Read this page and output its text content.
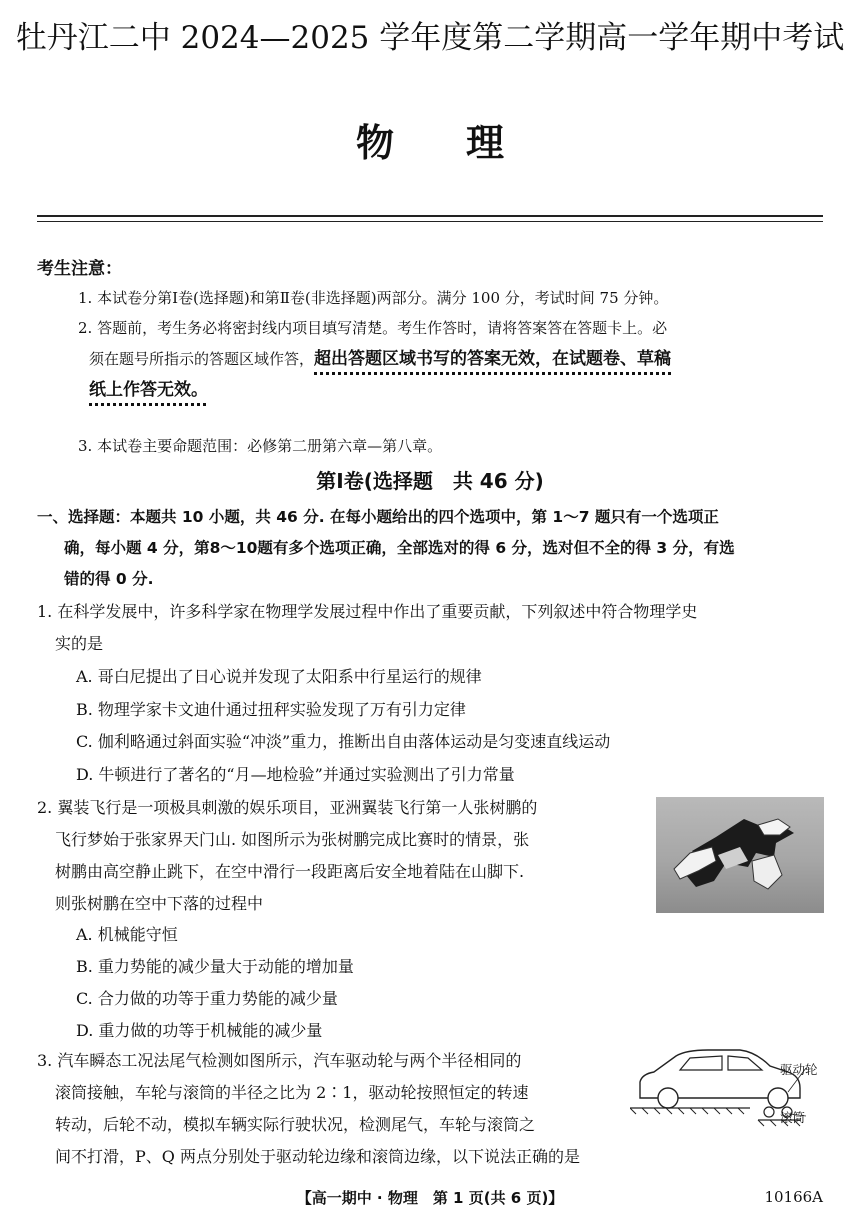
牡丹江二中 2024—2025 学年度第二学期高一学年期中考试
物理
考生注意：
1. 本试卷分第Ⅰ卷(选择题)和第Ⅱ卷(非选择题)两部分。满分 100 分，考试时间 75 分钟。
2. 答题前，考生务必将密封线内项目填写清楚。考生作答时，请将答案答在答题卡上。必
须在题号所指示的答题区域作答，超出答题区域书写的答案无效，在试题卷、草稿
纸上作答无效。
3. 本试卷主要命题范围：必修第二册第六章—第八章。
第Ⅰ卷(选择题　共 46 分)
一、选择题：本题共 10 小题，共 46 分. 在每小题给出的四个选项中，第 1～7 题只有一个选项正
确，每小题 4 分，第8～10题有多个选项正确，全部选对的得 6 分，选对但不全的得 3 分，有选
错的得 0 分.
1. 在科学发展中，许多科学家在物理学发展过程中作出了重要贡献，下列叙述中符合物理学史
实的是
A. 哥白尼提出了日心说并发现了太阳系中行星运行的规律
B. 物理学家卡文迪什通过扭秤实验发现了万有引力定律
C. 伽利略通过斜面实验“冲淡”重力，推断出自由落体运动是匀变速直线运动
D. 牛顿进行了著名的“月—地检验”并通过实验测出了引力常量
2. 翼装飞行是一项极具刺激的娱乐项目，亚洲翼装飞行第一人张树鹏的
飞行梦始于张家界天门山. 如图所示为张树鹏完成比赛时的情景，张
树鹏由高空静止跳下，在空中滑行一段距离后安全地着陆在山脚下.
则张树鹏在空中下落的过程中
A. 机械能守恒
B. 重力势能的减少量大于动能的增加量
C. 合力做的功等于重力势能的减少量
D. 重力做的功等于机械能的减少量
3. 汽车瞬态工况法尾气检测如图所示，汽车驱动轮与两个半径相同的
滚筒接触，车轮与滚筒的半径之比为 2∶1，驱动轮按照恒定的转速
转动，后轮不动，模拟车辆实际行驶状况，检测尾气，车轮与滚筒之
间不打滑，P、Q 两点分别处于驱动轮边缘和滚筒边缘，以下说法正确的是
驱动轮
滚筒
【高一期中 · 物理　第 1 页(共 6 页)】	10166A
